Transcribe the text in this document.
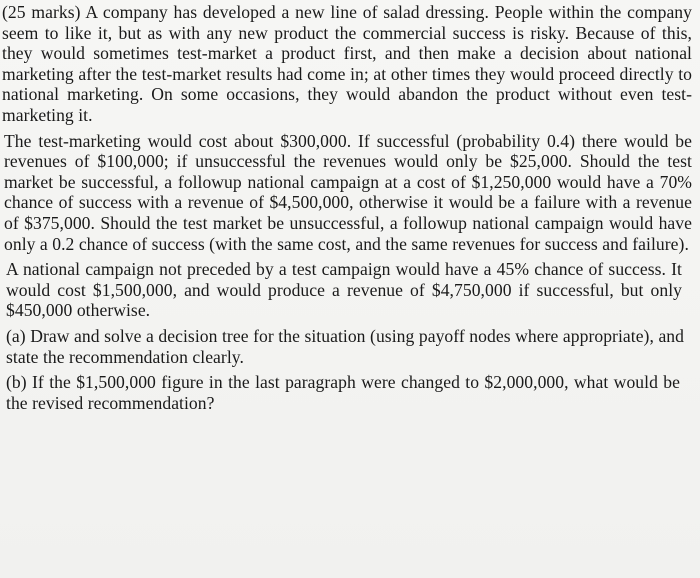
(25 marks) A company has developed a new line of salad dressing. People within the company seem to like it, but as with any new product the commercial success is risky. Because of this, they would sometimes test-market a product first, and then make a decision about national marketing after the test-market results had come in; at other times they would proceed directly to national marketing. On some occasions, they would abandon the product without even test-marketing it.

The test-marketing would cost about $300,000. If successful (probability 0.4) there would be revenues of $100,000; if unsuccessful the revenues would only be $25,000. Should the test market be successful, a followup national campaign at a cost of $1,250,000 would have a 70% chance of success with a revenue of $4,500,000, otherwise it would be a failure with a revenue of $375,000. Should the test market be unsuccessful, a followup national campaign would have only a 0.2 chance of success (with the same cost, and the same revenues for success and failure).

A national campaign not preceded by a test campaign would have a 45% chance of success. It would cost $1,500,000, and would produce a revenue of $4,750,000 if successful, but only $450,000 otherwise.

(a) Draw and solve a decision tree for the situation (using payoff nodes where appropriate), and state the recommendation clearly.

(b) If the $1,500,000 figure in the last paragraph were changed to $2,000,000, what would be the revised recommendation?
